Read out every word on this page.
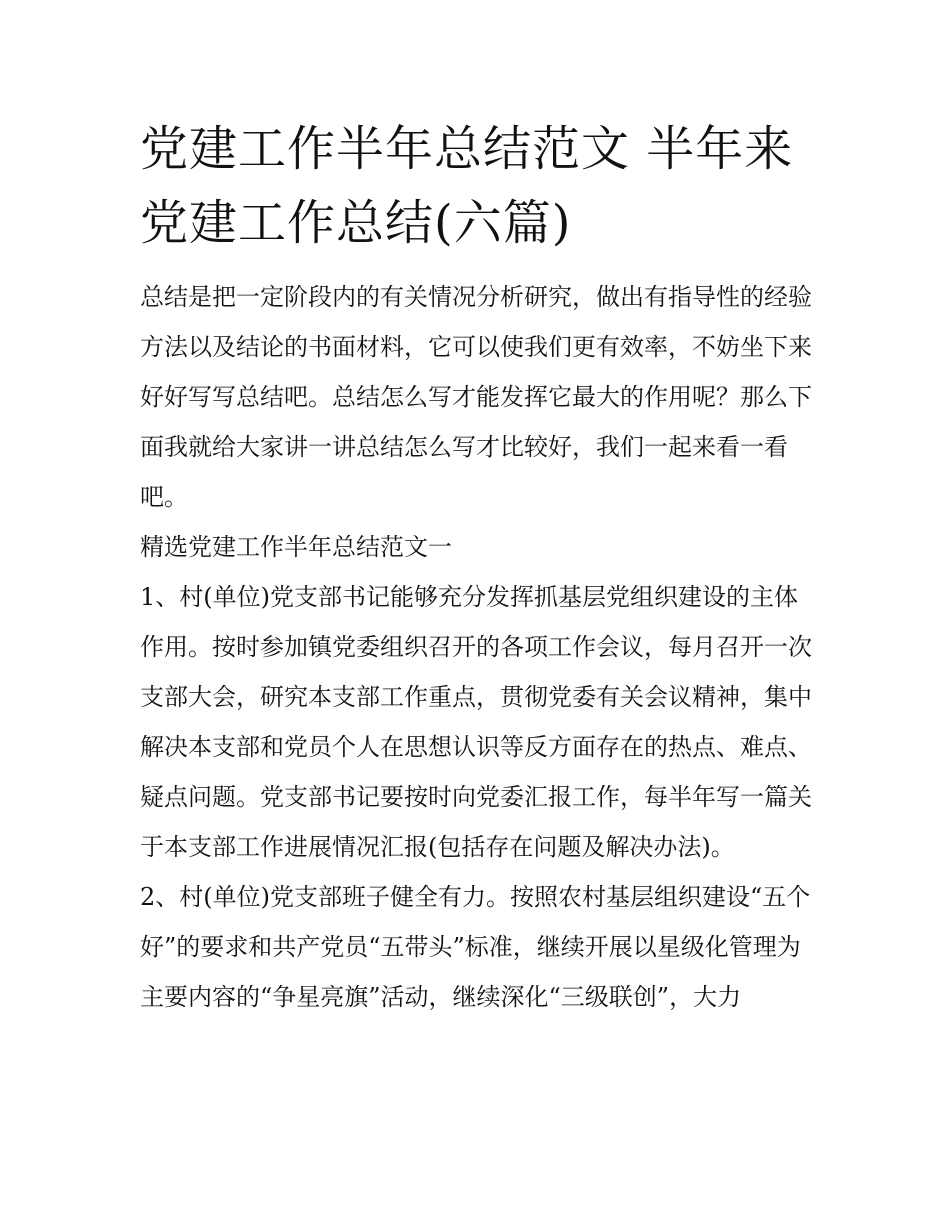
党建工作半年总结范文 半年来党建工作总结(六篇)

总结是把一定阶段内的有关情况分析研究，做出有指导性的经验方法以及结论的书面材料，它可以使我们更有效率，不妨坐下来好好写写总结吧。总结怎么写才能发挥它最大的作用呢？那么下面我就给大家讲一讲总结怎么写才比较好，我们一起来看一看吧。

精选党建工作半年总结范文一

1、村(单位)党支部书记能够充分发挥抓基层党组织建设的主体作用。按时参加镇党委组织召开的各项工作会议，每月召开一次支部大会，研究本支部工作重点，贯彻党委有关会议精神，集中解决本支部和党员个人在思想认识等反方面存在的热点、难点、疑点问题。党支部书记要按时向党委汇报工作，每半年写一篇关于本支部工作进展情况汇报(包括存在问题及解决办法)。

2、村(单位)党支部班子健全有力。按照农村基层组织建设“五个好”的要求和共产党员“五带头”标准，继续开展以星级化管理为主要内容的“争星亮旗”活动，继续深化“三级联创”，大力
